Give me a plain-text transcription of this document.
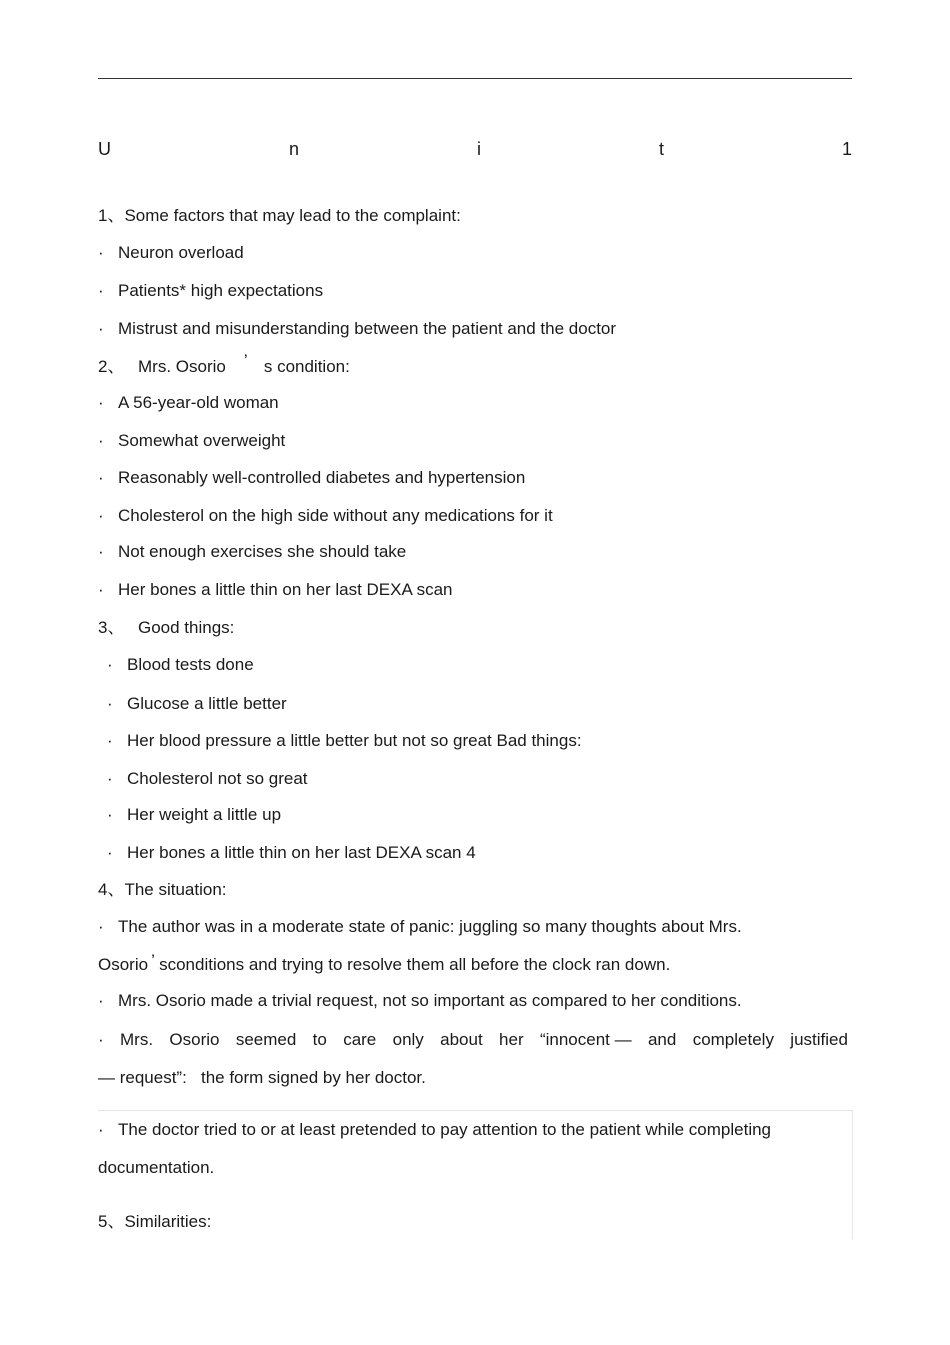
U	n	i	t	1
1、Some factors that may lead to the complaint:
· Neuron overload
· Patients* high expectations
· Mistrust and misunderstanding between the patient and the doctor
2、 Mrs. Osorio ’ s condition:
· A 56-year-old woman
· Somewhat overweight
· Reasonably well-controlled diabetes and hypertension
· Cholesterol on the high side without any medications for it
· Not enough exercises she should take
· Her bones a little thin on her last DEXA scan
3、 Good things:
· Blood tests done
· Glucose a little better
· Her blood pressure a little better but not so great Bad things:
· Cholesterol not so great
· Her weight a little up
· Her bones a little thin on her last DEXA scan 4
4、The situation:
· The author was in a moderate state of panic: juggling so many thoughts about Mrs.
Osorio ’ sconditions and trying to resolve them all before the clock ran down.
· Mrs. Osorio made a trivial request, not so important as compared to her conditions.
· Mrs. Osorio seemed to care only about her “innocent — and completely justified
— request”:   the form signed by her doctor.
· The doctor tried to or at least pretended to pay attention to the patient while completing
documentation.
5、Similarities:
